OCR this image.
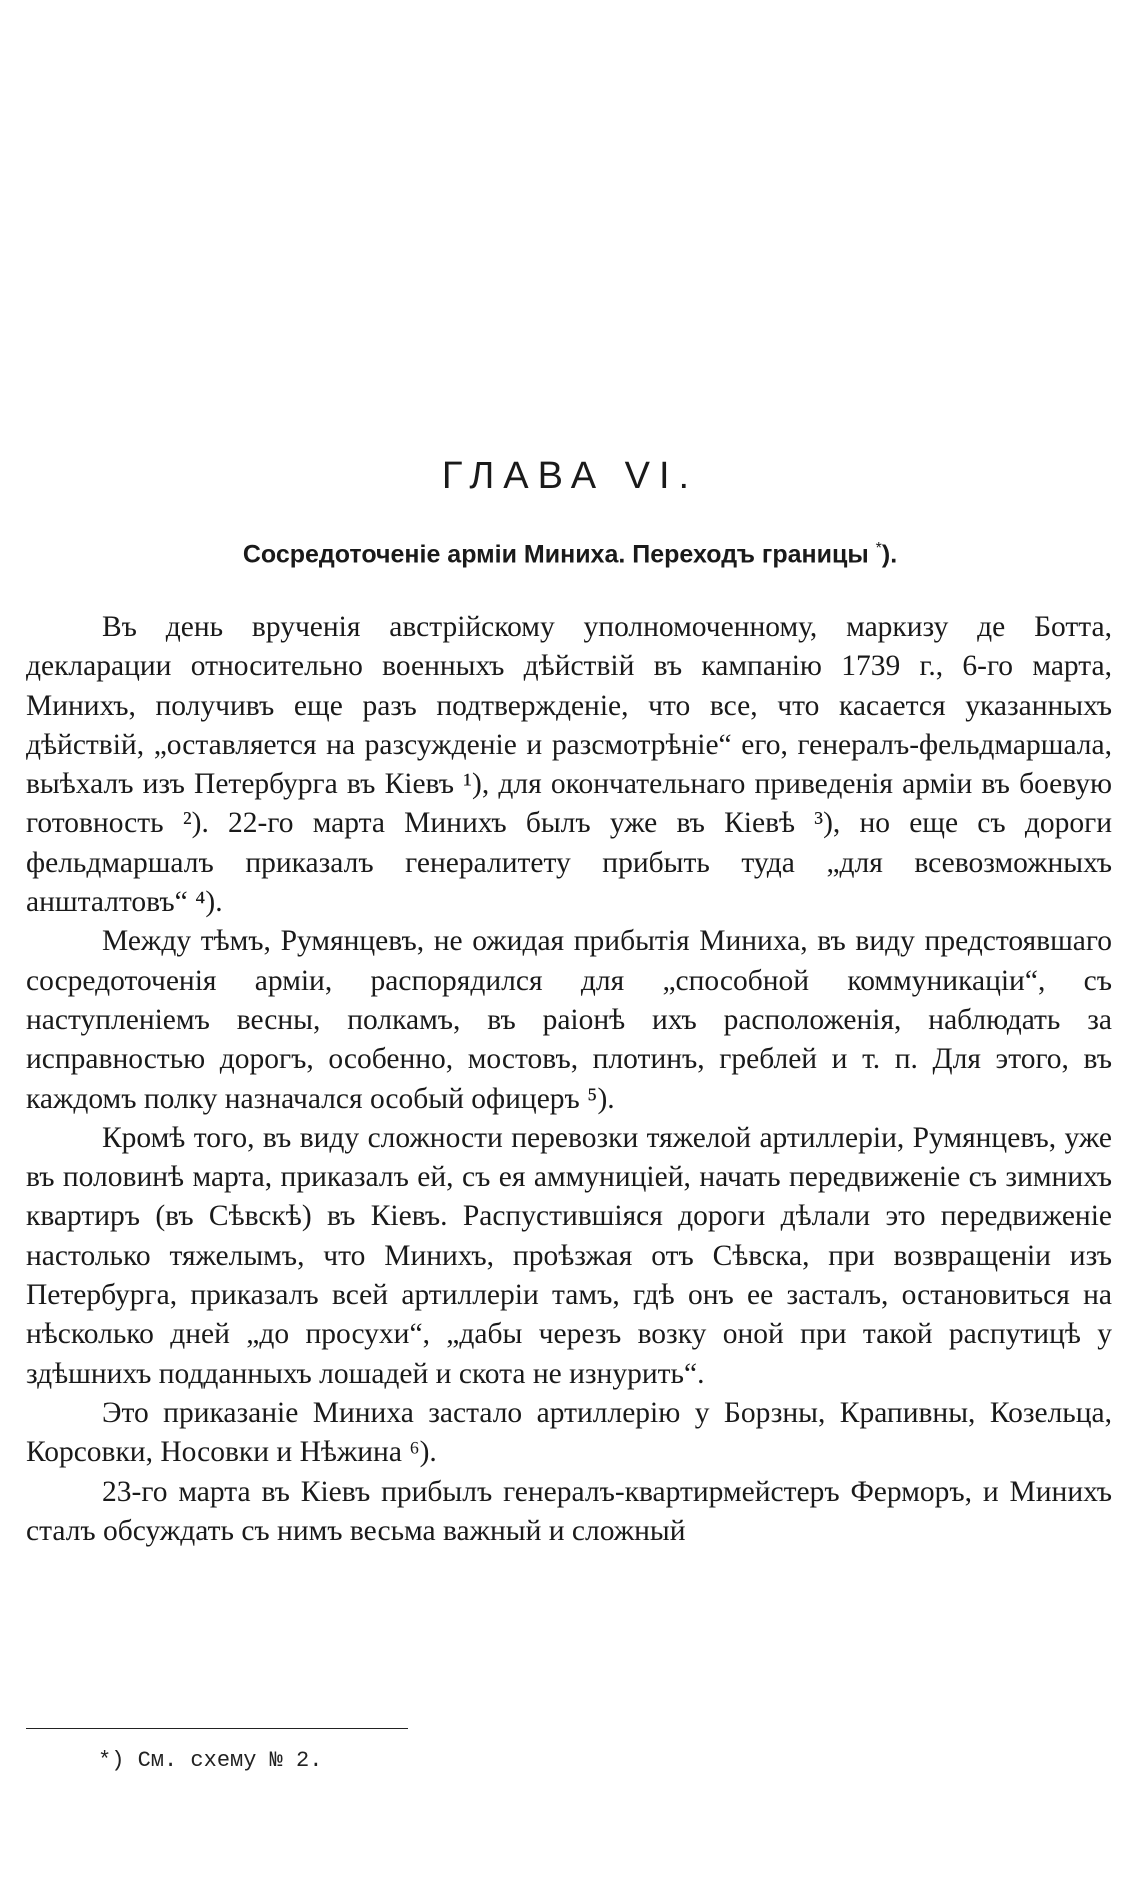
ГЛАВА VI.
Сосредоточеніе арміи Миниха. Переходъ границы *).

Въ день врученія австрійскому уполномоченному, маркизу де Ботта, декларации относительно военныхъ дѣйствій въ кампанію 1739 г., 6-го марта, Минихъ, получивъ еще разъ подтвержденіе, что все, что касается указанныхъ дѣйствій, „оставляется на разсужденіе и разсмотрѣніе“ его, генералъ-фельдмаршала, выѣхалъ изъ Петербурга въ Кіевъ ¹), для окончательнаго приведенія арміи въ боевую готовность ²). 22-го марта Минихъ былъ уже въ Кіевѣ ³), но еще съ дороги фельдмаршалъ приказалъ генералитету прибыть туда „для всевозможныхъ аншталтовъ“ ⁴).

Между тѣмъ, Румянцевъ, не ожидая прибытія Миниха, въ виду предстоявшаго сосредоточенія арміи, распорядился для „способной коммуникаціи“, съ наступленіемъ весны, полкамъ, въ раіонѣ ихъ расположенія, наблюдать за исправностью дорогъ, особенно, мостовъ, плотинъ, греблей и т. п. Для этого, въ каждомъ полку назначался особый офицеръ ⁵).

Кромѣ того, въ виду сложности перевозки тяжелой артиллеріи, Румянцевъ, уже въ половинѣ марта, приказалъ ей, съ ея аммуниціей, начать передвиженіе съ зимнихъ квартиръ (въ Сѣвскѣ) въ Кіевъ. Распустившіяся дороги дѣлали это передвиженіе настолько тяжелымъ, что Минихъ, проѣзжая отъ Сѣвска, при возвращеніи изъ Петербурга, приказалъ всей артиллеріи тамъ, гдѣ онъ ее засталъ, остановиться на нѣсколько дней „до просухи“, „дабы черезъ возку оной при такой распутицѣ у здѣшнихъ подданныхъ лошадей и скота не изнурить“.

Это приказаніе Миниха застало артиллерію у Борзны, Крапивны, Козельца, Корсовки, Носовки и Нѣжина ⁶).

23-го марта въ Кіевъ прибылъ генералъ-квартирмейстеръ Ферморъ, и Минихъ сталъ обсуждать съ нимъ весьма важный и сложный

*) См. схему № 2.
